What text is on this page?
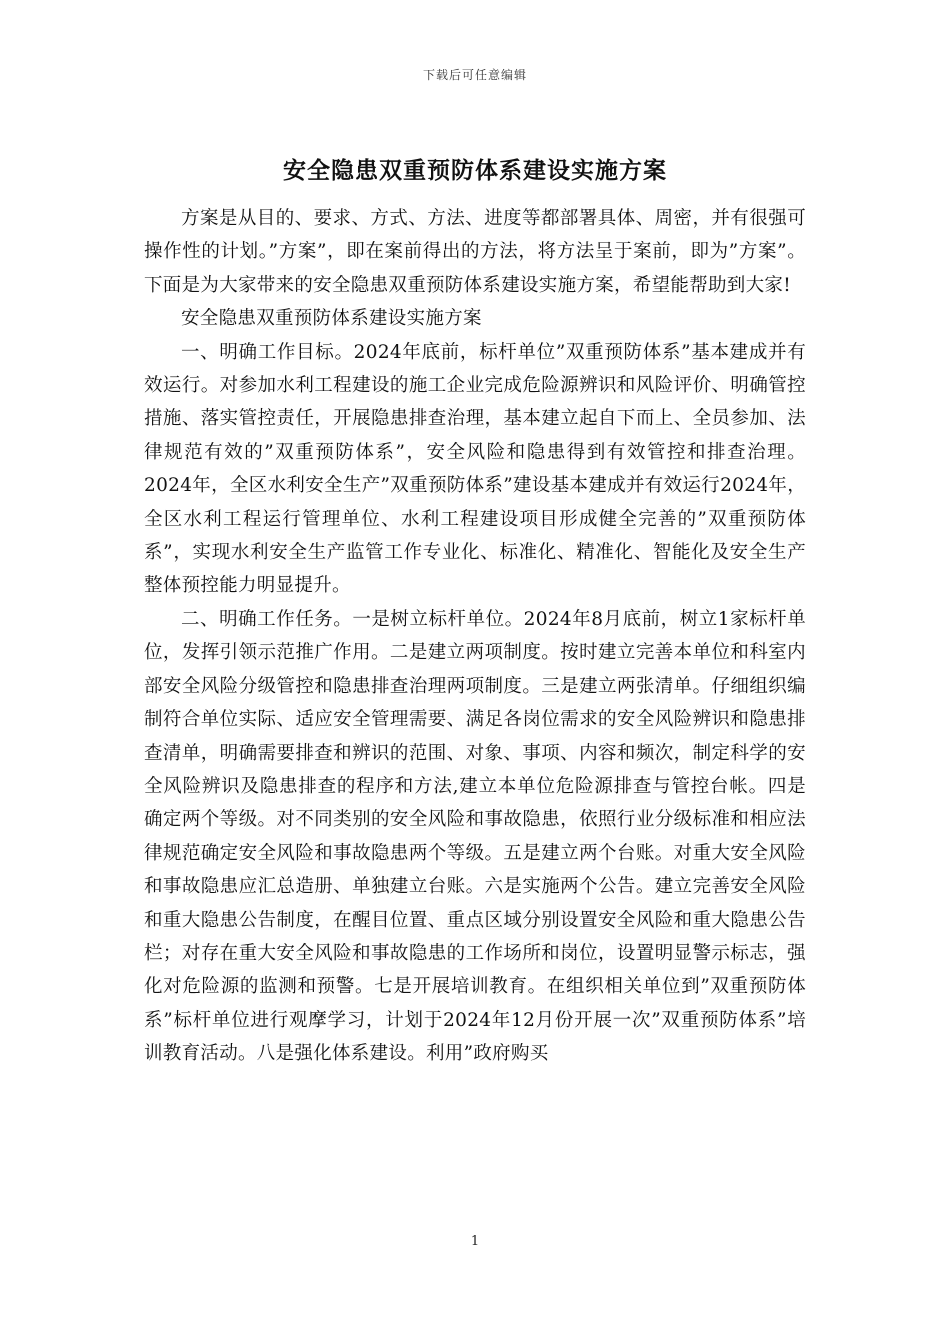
下载后可任意编辑
安全隐患双重预防体系建设实施方案

方案是从目的、要求、方式、方法、进度等都部署具体、周密，并有很强可操作性的计划。”方案”，即在案前得出的方法，将方法呈于案前，即为”方案”。下面是为大家带来的安全隐患双重预防体系建设实施方案，希望能帮助到大家!

安全隐患双重预防体系建设实施方案

一、明确工作目标。2024年底前，标杆单位”双重预防体系”基本建成并有效运行。对参加水利工程建设的施工企业完成危险源辨识和风险评价、明确管控措施、落实管控责任，开展隐患排查治理，基本建立起自下而上、全员参加、法律规范有效的”双重预防体系”，安全风险和隐患得到有效管控和排查治理。2024年，全区水利安全生产”双重预防体系”建设基本建成并有效运行2024年，全区水利工程运行管理单位、水利工程建设项目形成健全完善的”双重预防体系”，实现水利安全生产监管工作专业化、标准化、精准化、智能化及安全生产整体预控能力明显提升。

二、明确工作任务。一是树立标杆单位。2024年8月底前，树立1家标杆单位，发挥引领示范推广作用。二是建立两项制度。按时建立完善本单位和科室内部安全风险分级管控和隐患排查治理两项制度。三是建立两张清单。仔细组织编制符合单位实际、适应安全管理需要、满足各岗位需求的安全风险辨识和隐患排查清单，明确需要排查和辨识的范围、对象、事项、内容和频次，制定科学的安全风险辨识及隐患排查的程序和方法,建立本单位危险源排查与管控台帐。四是确定两个等级。对不同类别的安全风险和事故隐患，依照行业分级标准和相应法律规范确定安全风险和事故隐患两个等级。五是建立两个台账。对重大安全风险和事故隐患应汇总造册、单独建立台账。六是实施两个公告。建立完善安全风险和重大隐患公告制度，在醒目位置、重点区域分别设置安全风险和重大隐患公告栏；对存在重大安全风险和事故隐患的工作场所和岗位，设置明显警示标志，强化对危险源的监测和预警。七是开展培训教育。在组织相关单位到”双重预防体系”标杆单位进行观摩学习，计划于2024年12月份开展一次”双重预防体系”培训教育活动。八是强化体系建设。利用”政府购买

1
